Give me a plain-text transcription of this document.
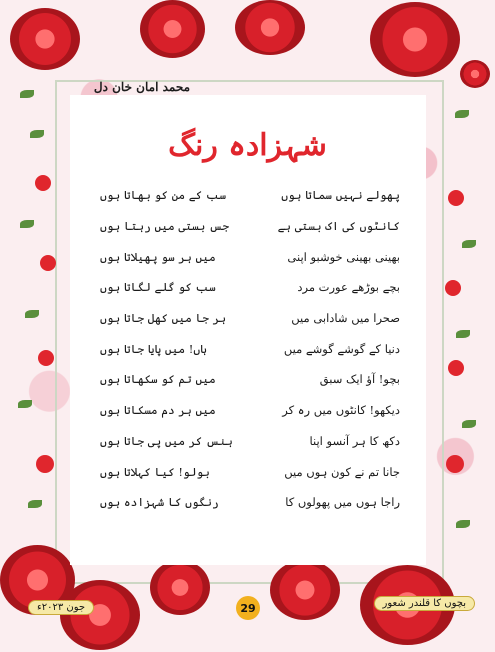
محمد امان خان دل
شہزادہ رنگ
پھولے نہیں سماتا ہوں
سب کے من کو بھاتا ہوں
کانٹوں کی اک بستی ہے
جس بستی میں رہتا ہوں
بھینی بھینی خوشبو اپنی
میں ہر سو پھیلاتا ہوں
بچے بوڑھے عورت مرد
سب کو گلے لگاتا ہوں
صحرا میں شادابی میں
ہر جا میں کھل جاتا ہوں
دنیا کے گوشے گوشے میں
ہاں! میں پایا جاتا ہوں
بچو! آؤ ایک سبق
میں تم کو سکھاتا ہوں
دیکھو! کانٹوں میں رہ کر
میں ہر دم مسکاتا ہوں
دکھ کا ہر آنسو اپنا
ہنس کر میں پی جاتا ہوں
جانا تم نے کون ہوں میں
بولو! کیا کہلاتا ہوں
راجا ہوں میں پھولوں کا
رنگوں کا شہزادہ ہوں
جون ۲۰۲۳ء	29	بچوں کا قلندر شعور
